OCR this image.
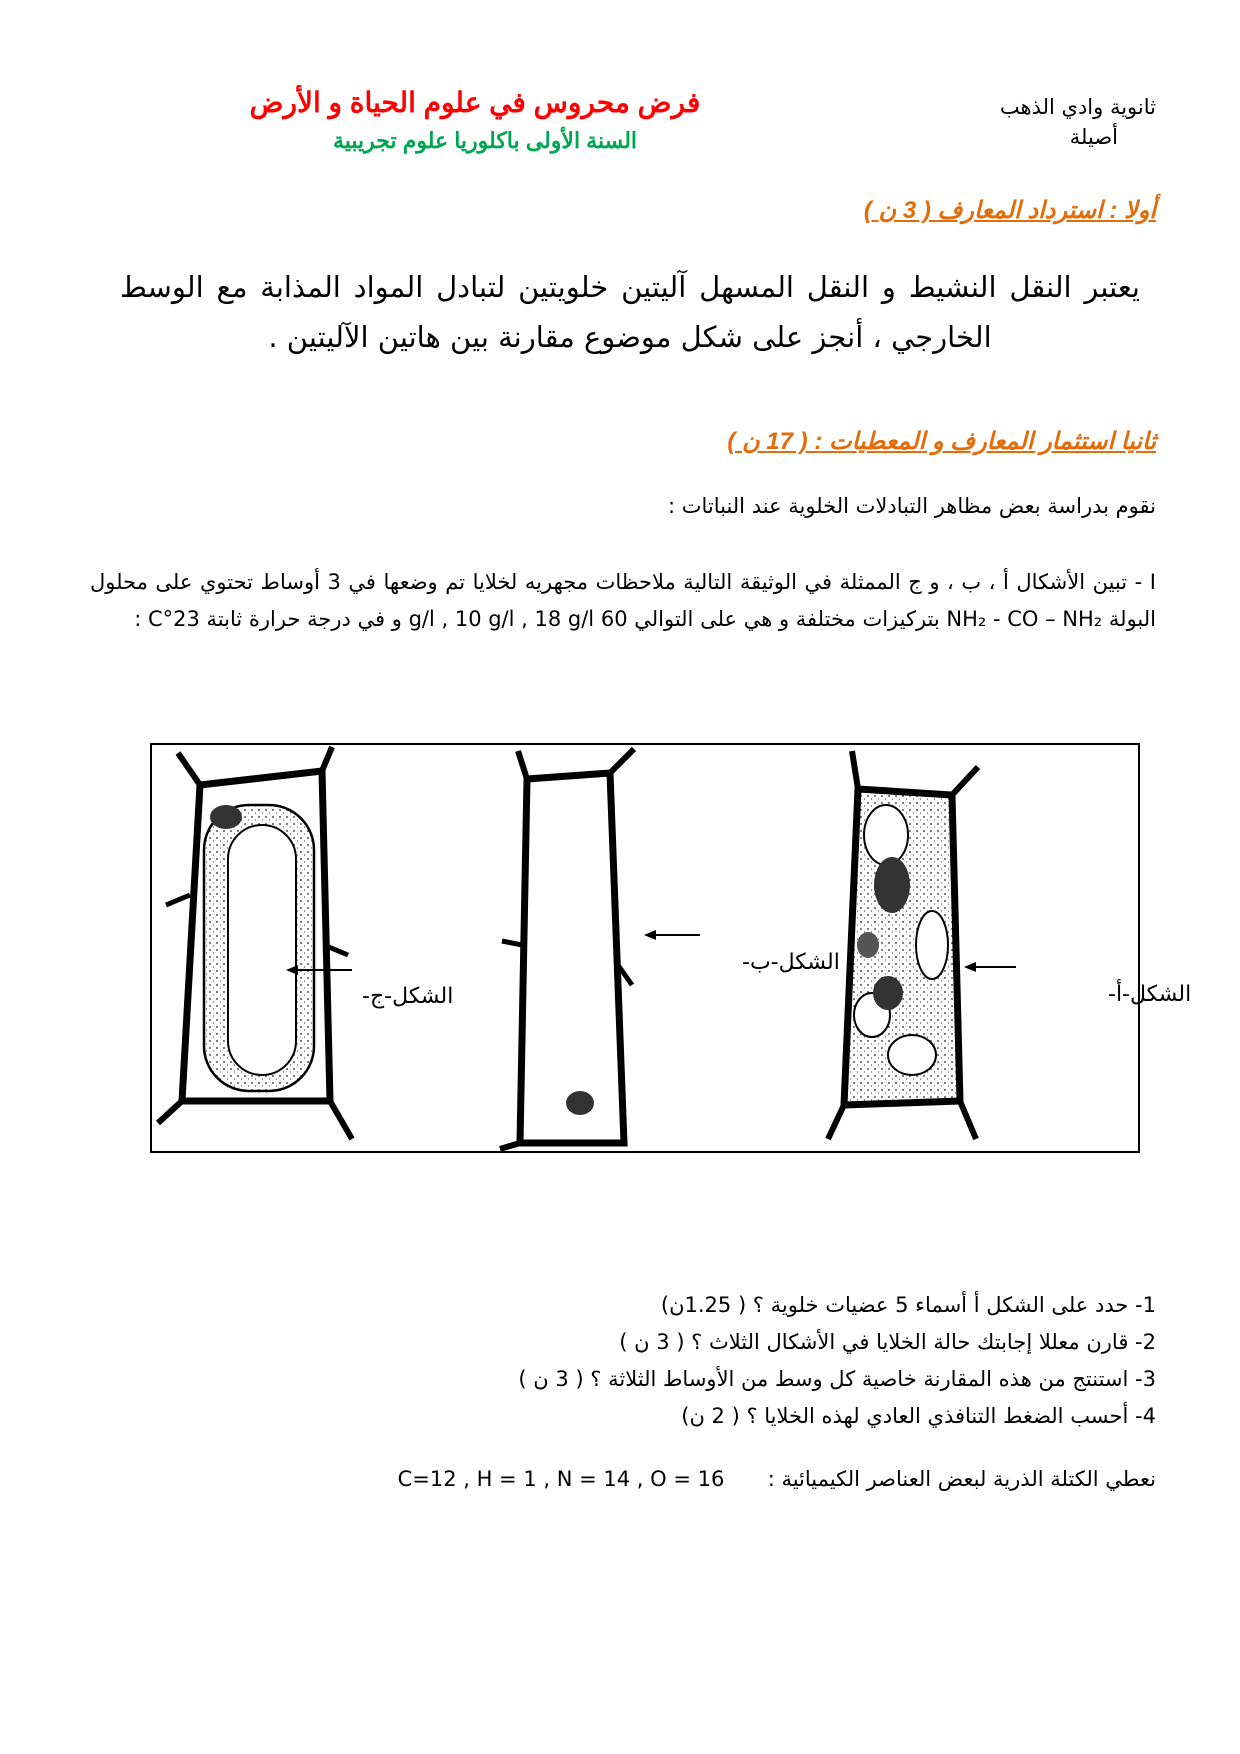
ثانوية وادي الذهب
أصيلة
فرض محروس في علوم الحياة و الأرض
السنة الأولى باكلوريا علوم تجريبية
أولا : استرداد المعارف ( 3 ن )
يعتبر النقل النشيط و النقل المسهل آليتين خلويتين لتبادل المواد المذابة مع الوسط الخارجي ، أنجز على شكل موضوع مقارنة بين هاتين الآليتين .
ثانيا استثمار المعارف و المعطيات : ( 17 ن )
نقوم بدراسة بعض مظاهر التبادلات الخلوية عند النباتات :
I - تبين الأشكال أ ، ب ، و ج الممثلة في الوثيقة التالية ملاحظات مجهريه لخلايا تم وضعها في 3 أوساط تحتوي على محلول البولة NH₂ - CO – NH₂ بتركيزات مختلفة و هي على التوالي 60 g/l , 10 g/l , 18 g/l و في درجة حرارة ثابتة 23°C :
الشكل-ج-
الشكل-ب-
الشكل-أ-
1- حدد على الشكل أ أسماء 5 عضيات خلوية ؟ ( 1.25ن)
2- قارن معللا إجابتك حالة الخلايا في الأشكال الثلاث ؟ ( 3 ن )
3- استنتج من هذه المقارنة خاصية كل وسط من الأوساط الثلاثة ؟ ( 3 ن )
4- أحسب الضغط التنافذي العادي لهذه الخلايا ؟ ( 2 ن)
نعطي الكتلة الذرية لبعض العناصر الكيميائية :  C=12 , H = 1 , N = 14 , O = 16
